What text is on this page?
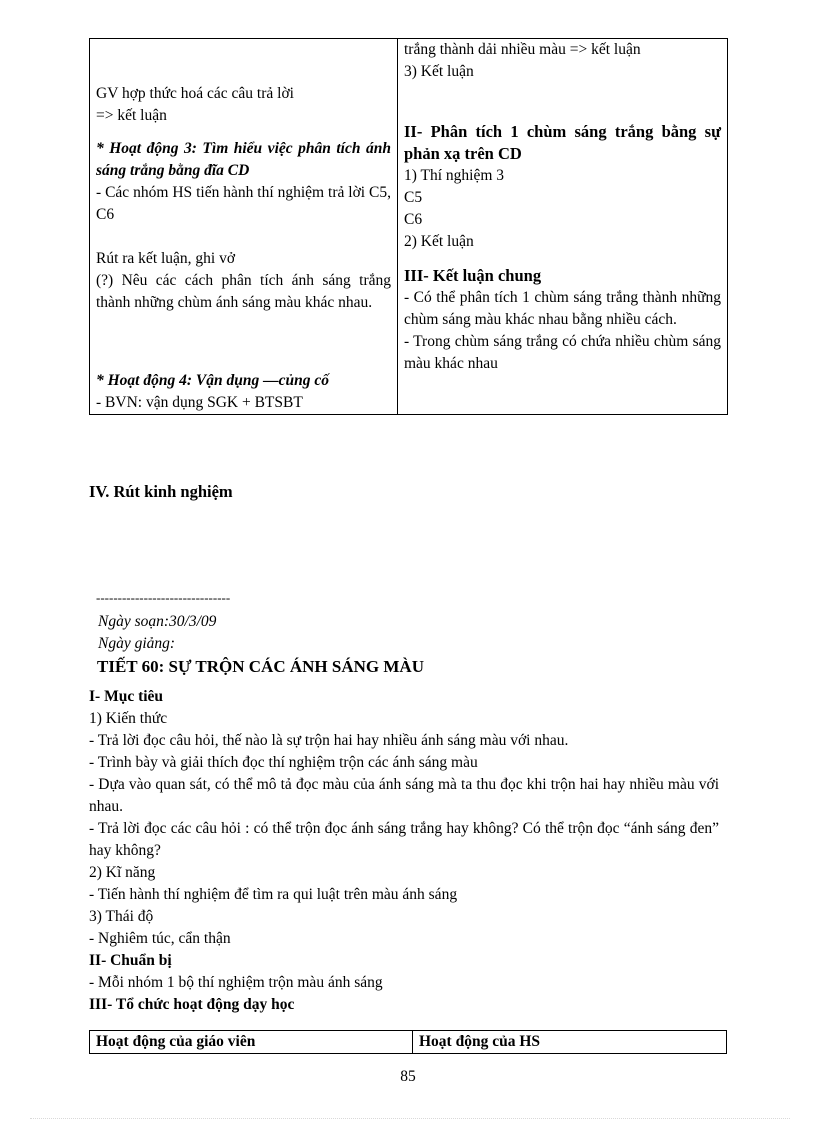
GV hợp thức hoá các câu trả lời
=> kết luận
* Hoạt động 3: Tìm hiểu việc phân tích ánh sáng trắng bằng đĩa CD
- Các nhóm HS tiến hành thí nghiệm trả lời C5, C6
Rút ra kết luận, ghi vở
(?) Nêu các cách phân tích ánh sáng trắng thành những chùm ánh sáng màu khác nhau.
* Hoạt động 4: Vận dụng —củng cố
- BVN: vận dụng SGK + BTSBT

trắng thành dải nhiều màu => kết luận
3) Kết luận
II- Phân tích 1 chùm sáng trắng bằng sự phản xạ trên CD
1) Thí nghiệm 3
C5
C6
2) Kết luận
III- Kết luận chung
- Có thể phân tích 1 chùm sáng trắng thành những chùm sáng màu khác nhau bằng nhiều cách.
- Trong chùm sáng trắng có chứa nhiều chùm sáng màu khác nhau
IV. Rút kinh nghiệm
-------------------------------
Ngày soạn:30/3/09
Ngày giảng:
TIẾT 60: SỰ TRỘN CÁC ÁNH SÁNG MÀU
I- Mục tiêu
1) Kiến thức
- Trả lời đọc câu hỏi, thế nào là sự trộn hai hay nhiều ánh sáng màu với nhau.
- Trình bày và giải thích đọc thí nghiệm trộn các ánh sáng màu
- Dựa vào quan sát, có thể mô tả đọc màu của ánh sáng mà ta thu đọc khi trộn hai hay nhiều màu với nhau.
- Trả lời đọc các câu hỏi : có thể trộn đọc ánh sáng trắng hay không? Có thể trộn đọc “ánh sáng đen” hay không?
2) Kĩ năng
- Tiến hành thí nghiệm để tìm ra qui luật trên màu ánh sáng
3) Thái độ
- Nghiêm túc, cẩn thận
II- Chuẩn bị
- Mỗi nhóm 1 bộ thí nghiệm trộn màu ánh sáng
III- Tổ chức hoạt động dạy học
Hoạt động của giáo viên	Hoạt động của HS
85
